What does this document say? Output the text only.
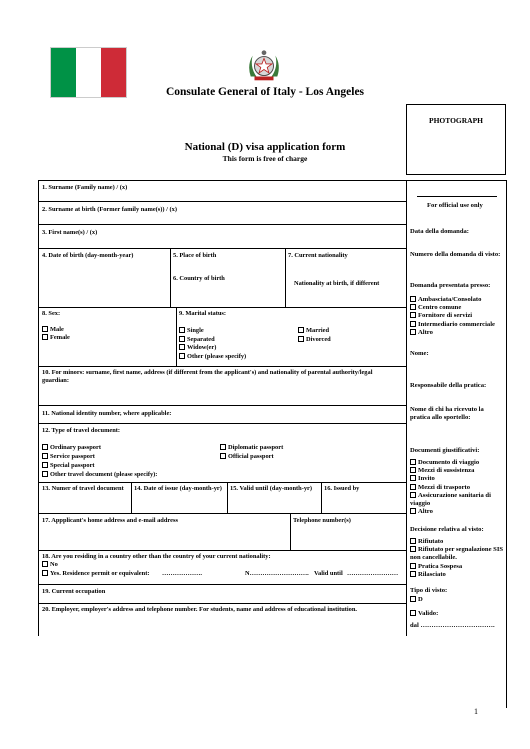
Consulate General of Italy - Los Angeles
PHOTOGRAPH
National (D) visa application form
This form is free of charge
1. Surname (Family name) / (x)
2. Surname at birth (Former family name(s)) / (x)
3. First name(s) / (x)
4. Date of birth (day-month-year)	5. Place of birth
6. Country of birth
7. Current nationality
Nationality at birth, if different
8. Sex:
Male
Female
9. Marital status:
Single
Separated
Widow(er)
Other (please specify)
Married
Divorced
10. For minors: surname, first name, address (if different from the applicant's) and nationality of parental authority/legal guardian:
11. National identity number, where applicable:
12. Type of travel document:
Ordinary passport
Service passport
Special passport
Other travel document (please specify):
Diplomatic passport
Official passport
13. Numer of travel document	14. Date of issue (day-month-yr)	15. Valid until (day-month-yr) 16. Issued by
17. Appplicant's home address and e-mail address	Telephone number(s)
18. Are you residing in a country other than the country of your current nationality:
No
Yes. Residence permit or equivalent: ……………….	N………………………. Valid until ……………………
19. Current occupation
20. Employer, employer's address and telephone number. For students, name and address of educational institution.
For official use only
Data della domanda:
Numero della domanda di visto:
Domanda presentata presso:
Ambasciata/Consolato
Centro comune
Fornitore di servizi
Intermediario commerciale
Altro
Nome:
Responsabile della pratica:
Nome di chi ha ricevuto la pratica allo sportello:
Documenti giustificativi:
Documento di viaggio
Mezzi di sussistenza
Invito
Mezzi di trasporto
Assicurazione sanitaria di viaggio
Altro
Decisione relativa al visto:
Rifiutato
Rifiutato per segnalazione SIS non cancellabile.
Pratica Sospesa
Rilasciato
Tipo di visto:
D
Valido:
dal …………………………….
1
